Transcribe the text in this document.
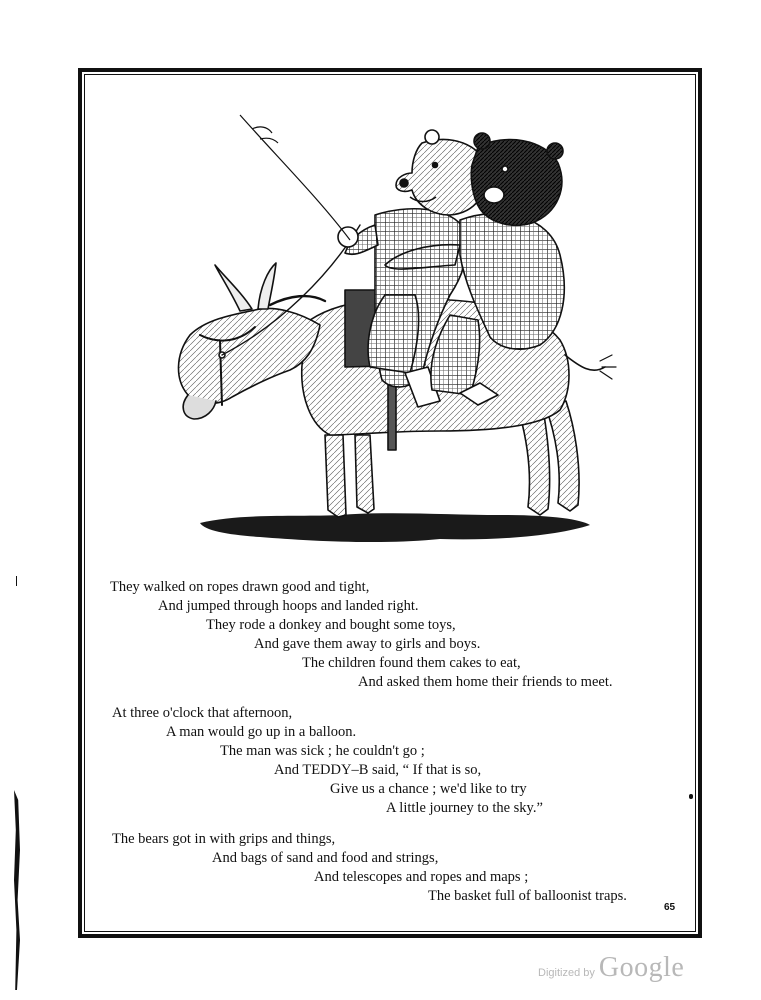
They walked on ropes drawn good and tight,
And jumped through hoops and landed right.
They rode a donkey and bought some toys,
And gave them away to girls and boys.
The children found them cakes to eat,
And asked them home their friends to meet.
At three o'clock that afternoon,
A man would go up in a balloon.
The man was sick ; he couldn't go ;
And TEDDY–B said, “ If that is so,
Give us a chance ; we'd like to try
A little journey to the sky.”
The bears got in with grips and things,
And bags of sand and food and strings,
And telescopes and ropes and maps ;
The basket full of balloonist traps.
65
Digitized by Google
